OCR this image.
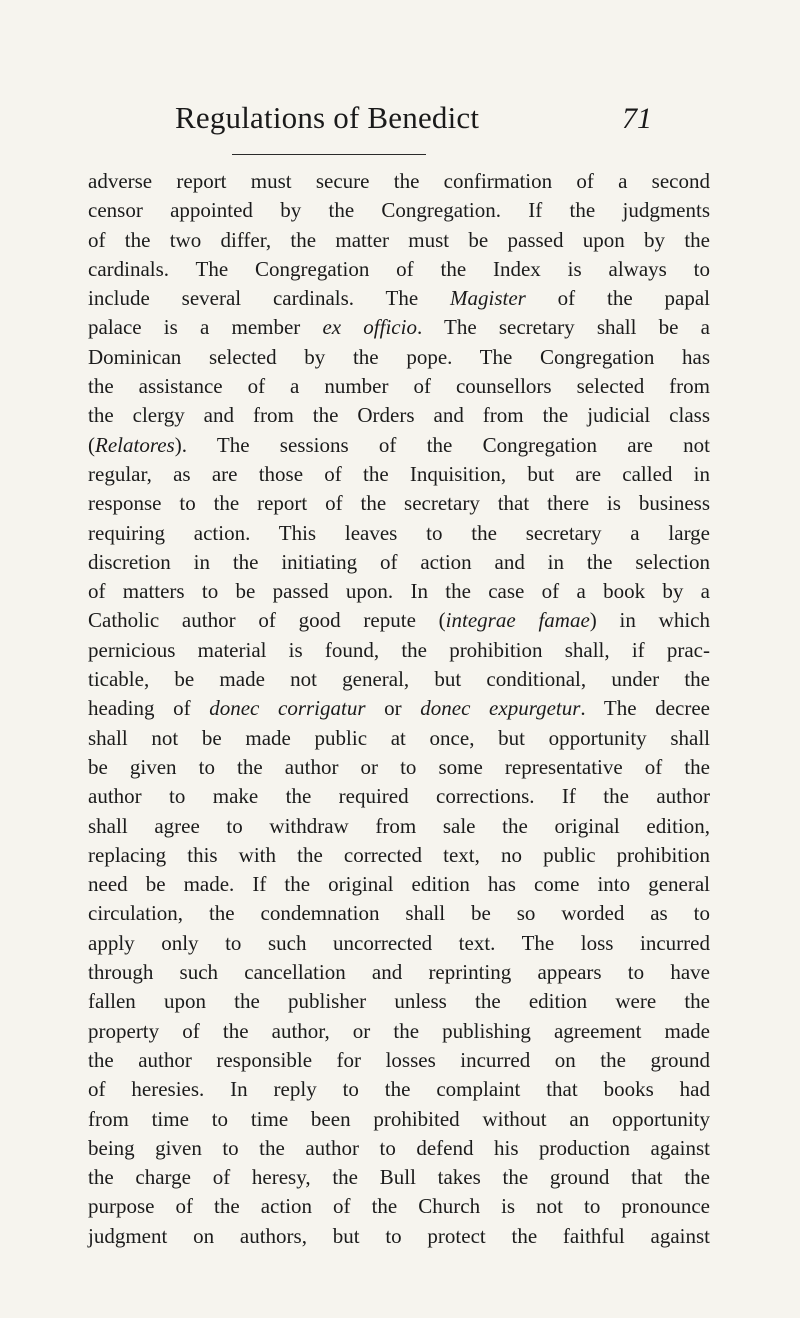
Regulations of Benedict	71
adverse report must secure the confirmation of a second
censor appointed by the Congregation. If the judgments
of the two differ, the matter must be passed upon by the
cardinals. The Congregation of the Index is always to
include several cardinals. The Magister of the papal
palace is a member ex officio. The secretary shall be a
Dominican selected by the pope. The Congregation has
the assistance of a number of counsellors selected from
the clergy and from the Orders and from the judicial class
(Relatores). The sessions of the Congregation are not
regular, as are those of the Inquisition, but are called in
response to the report of the secretary that there is business
requiring action. This leaves to the secretary a large
discretion in the initiating of action and in the selection
of matters to be passed upon. In the case of a book by a
Catholic author of good repute (integrae famae) in which
pernicious material is found, the prohibition shall, if prac-
ticable, be made not general, but conditional, under the
heading of donec corrigatur or donec expurgetur. The decree
shall not be made public at once, but opportunity shall
be given to the author or to some representative of the
author to make the required corrections. If the author
shall agree to withdraw from sale the original edition,
replacing this with the corrected text, no public prohibition
need be made. If the original edition has come into general
circulation, the condemnation shall be so worded as to
apply only to such uncorrected text. The loss incurred
through such cancellation and reprinting appears to have
fallen upon the publisher unless the edition were the
property of the author, or the publishing agreement made
the author responsible for losses incurred on the ground
of heresies. In reply to the complaint that books had
from time to time been prohibited without an opportunity
being given to the author to defend his production against
the charge of heresy, the Bull takes the ground that the
purpose of the action of the Church is not to pronounce
judgment on authors, but to protect the faithful against
